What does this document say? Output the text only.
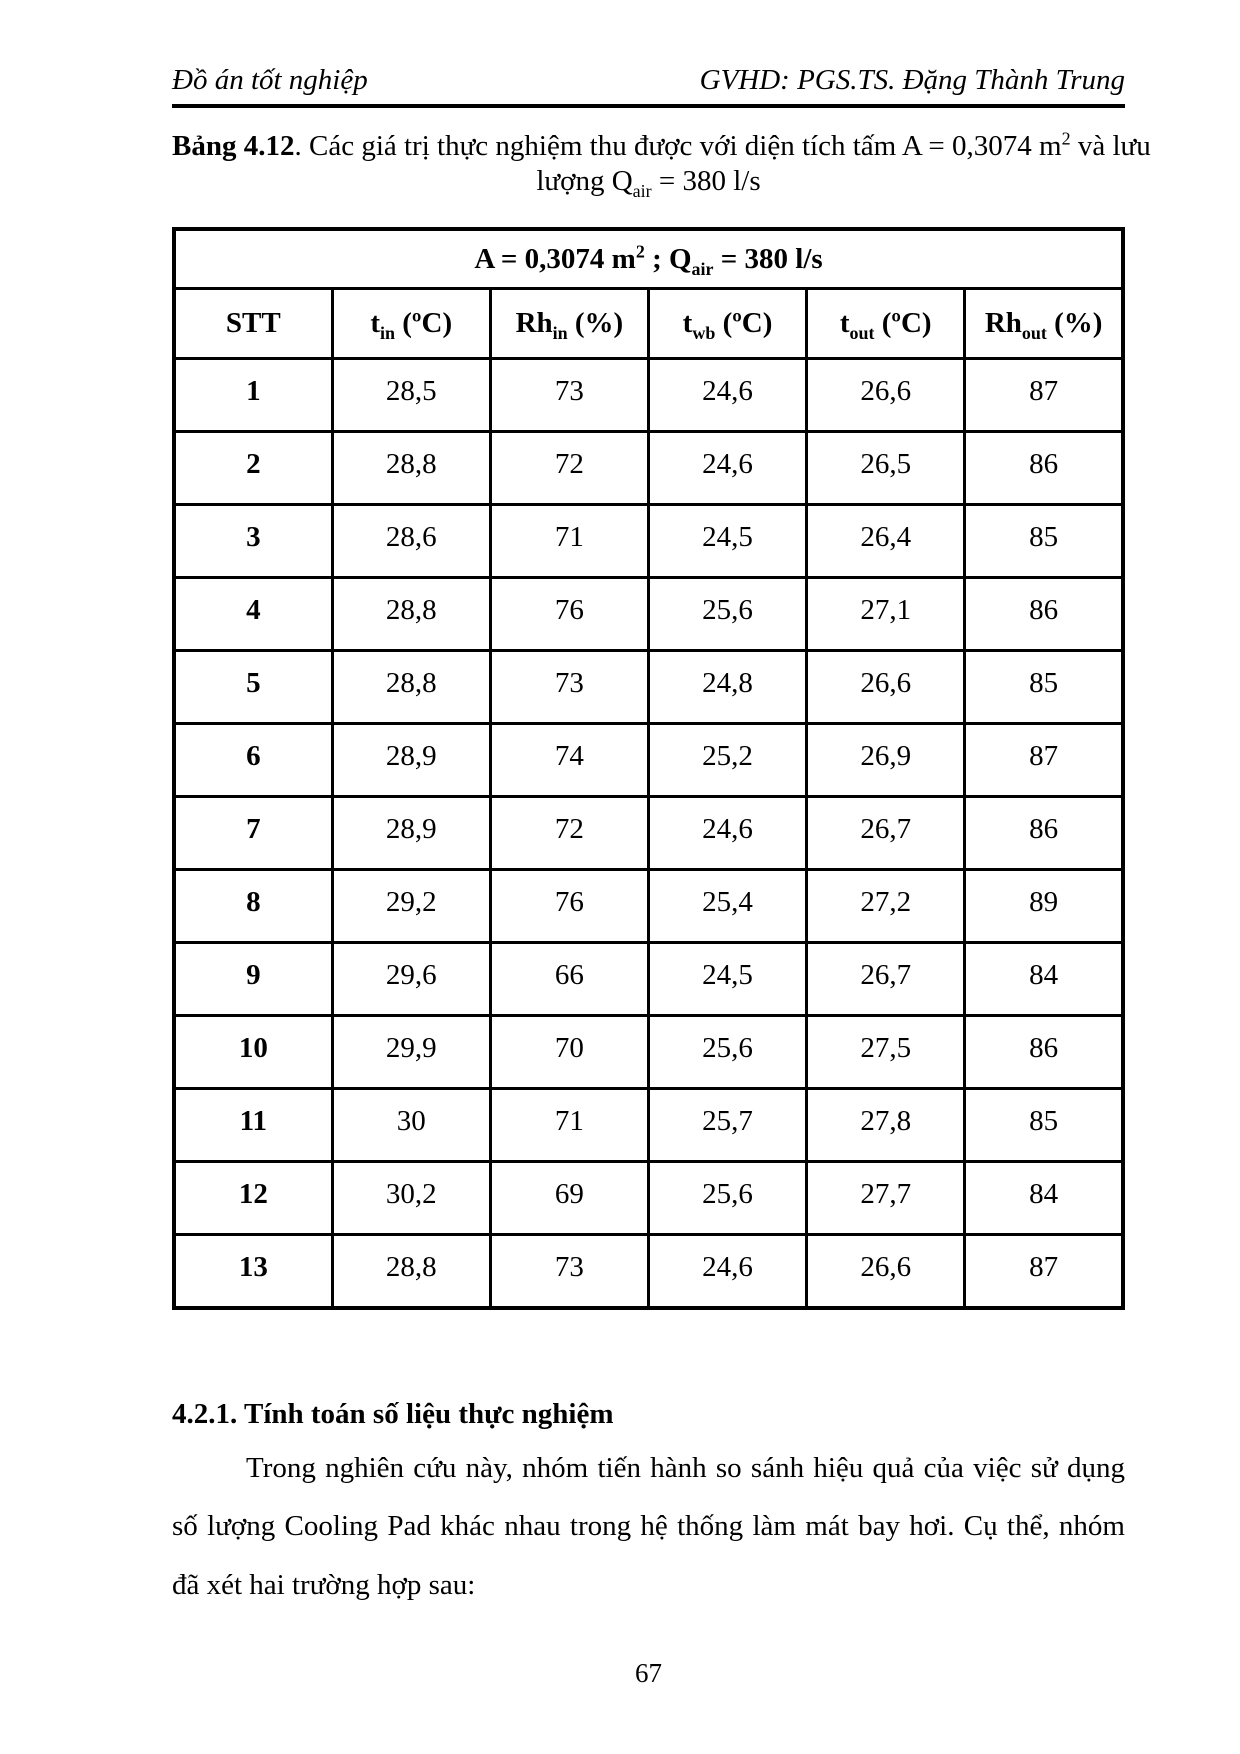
Đồ án tốt nghiệp	GVHD: PGS.TS. Đặng Thành Trung
Bảng 4.12. Các giá trị thực nghiệm thu được với diện tích tấm A = 0,3074 $m^2$ và lưu
lượng $Q_{air} = 380$ l/s
A = 0,3074 $m^2$ ; $Q_{air} = 380$ l/s					
STT	$t_{in}$ (ºC)	$Rh_{in}$ (%)	$t_{wb}$ (ºC)	$t_{out}$ (ºC)	$Rh_{out}$ (%)
1	28,5	73	24,6	26,6	87
2	28,8	72	24,6	26,5	86
3	28,6	71	24,5	26,4	85
4	28,8	76	25,6	27,1	86
5	28,8	73	24,8	26,6	85
6	28,9	74	25,2	26,9	87
7	28,9	72	24,6	26,7	86
8	29,2	76	25,4	27,2	89
9	29,6	66	24,5	26,7	84
10	29,9	70	25,6	27,5	86
11	30	71	25,7	27,8	85
12	30,2	69	25,6	27,7	84
13	28,8	73	24,6	26,6	87
4.2.1. Tính toán số liệu thực nghiệm

Trong nghiên cứu này, nhóm tiến hành so sánh hiệu quả của việc sử dụng số lượng Cooling Pad khác nhau trong hệ thống làm mát bay hơi. Cụ thể, nhóm đã xét hai trường hợp sau:

67
